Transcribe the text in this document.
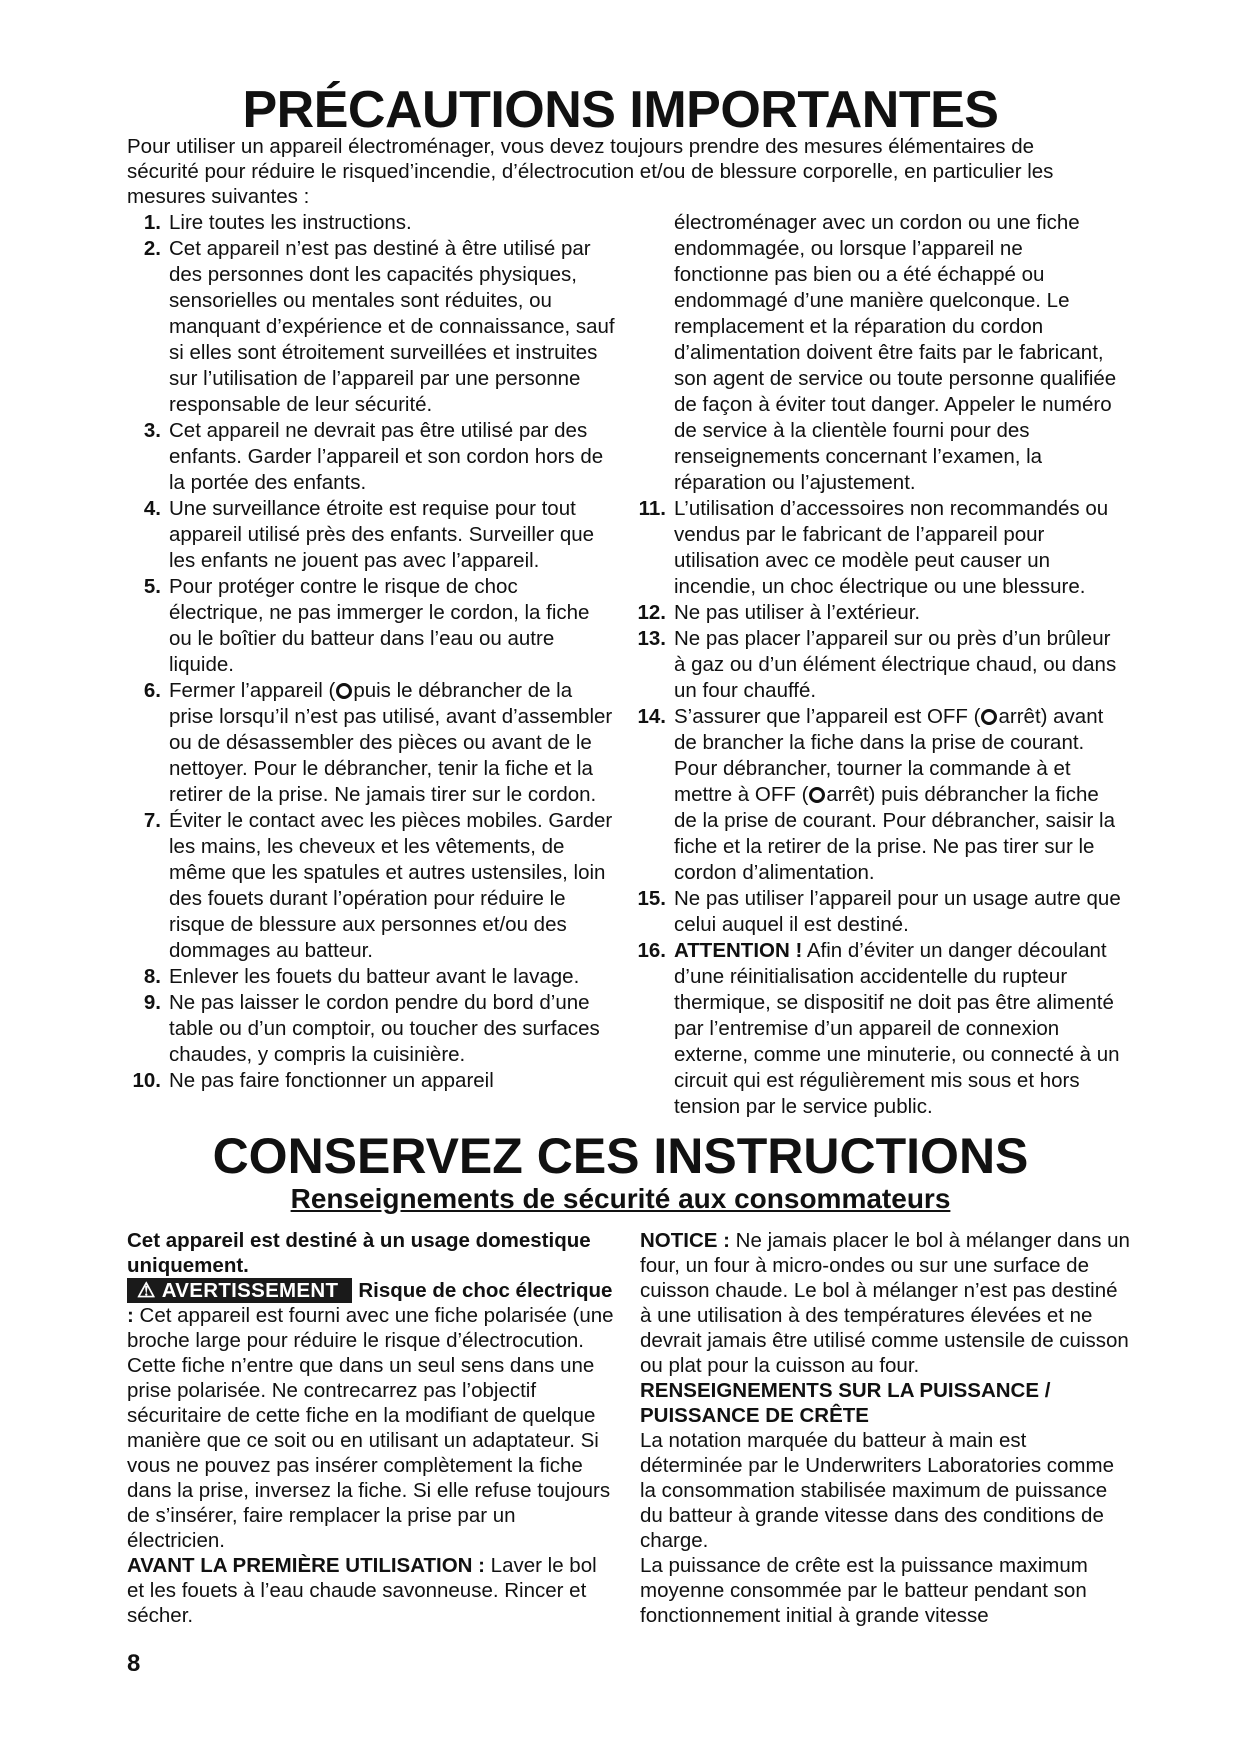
PRÉCAUTIONS IMPORTANTES
Pour utiliser un appareil électroménager, vous devez toujours prendre des mesures élémentaires de sécurité pour réduire le risqued’incendie, d’électrocution et/ou de blessure corporelle, en particulier les mesures suivantes :
1. Lire toutes les instructions.
2. Cet appareil n’est pas destiné à être utilisé par des personnes dont les capacités physiques, sensorielles ou mentales sont réduites, ou manquant d’expérience et de connaissance, sauf si elles sont étroitement surveillées et instruites sur l’utilisation de l’appareil par une personne responsable de leur sécurité.
3. Cet appareil ne devrait pas être utilisé par des enfants. Garder l’appareil et son cordon hors de la portée des enfants.
4. Une surveillance étroite est requise pour tout appareil utilisé près des enfants. Surveiller que les enfants ne jouent pas avec l’appareil.
5. Pour protéger contre le risque de choc électrique, ne pas immerger le cordon, la fiche ou le boîtier du batteur dans l’eau ou autre liquide.
6. Fermer l’appareil ( puis le débrancher de la prise lorsqu’il n’est pas utilisé, avant d’assembler ou de désassembler des pièces ou avant de le nettoyer. Pour le débrancher, tenir la fiche et la retirer de la prise. Ne jamais tirer sur le cordon.
7. Éviter le contact avec les pièces mobiles. Garder les mains, les cheveux et les vêtements, de même que les spatules et autres ustensiles, loin des fouets durant l’opération pour réduire le risque de blessure aux personnes et/ou des dommages au batteur.
8. Enlever les fouets du batteur avant le lavage.
9. Ne pas laisser le cordon pendre du bord d’une table ou d’un comptoir, ou toucher des surfaces chaudes, y compris la cuisinière.
10. Ne pas faire fonctionner un appareil
électroménager avec un cordon ou une fiche endommagée, ou lorsque l’appareil ne fonctionne pas bien ou a été échappé ou endommagé d’une manière quelconque. Le remplacement et la réparation du cordon d’alimentation doivent être faits par le fabricant, son agent de service ou toute personne qualifiée de façon à éviter tout danger. Appeler le numéro de service à la clientèle fourni pour des renseignements concernant l’examen, la réparation ou l’ajustement.
11. L’utilisation d’accessoires non recommandés ou vendus par le fabricant de l’appareil pour utilisation avec ce modèle peut causer un incendie, un choc électrique ou une blessure.
12. Ne pas utiliser à l’extérieur.
13. Ne pas placer l’appareil sur ou près d’un brûleur à gaz ou d’un élément électrique chaud, ou dans un four chauffé.
14. S’assurer que l’appareil est OFF ( arrêt) avant de brancher la fiche dans la prise de courant. Pour débrancher, tourner la commande à et mettre à OFF ( arrêt) puis débrancher la fiche de la prise de courant. Pour débrancher, saisir la fiche et la retirer de la prise. Ne pas tirer sur le cordon d’alimentation.
15. Ne pas utiliser l’appareil pour un usage autre que celui auquel il est destiné.
16. ATTENTION ! Afin d’éviter un danger découlant d’une réinitialisation accidentelle du rupteur thermique, se dispositif ne doit pas être alimenté par l’entremise d’un appareil de connexion externe, comme une minuterie, ou connecté à un circuit qui est régulièrement mis sous et hors tension par le service public.
CONSERVEZ CES INSTRUCTIONS
Renseignements de sécurité aux consommateurs

Cet appareil est destiné à un usage domestique uniquement.

⚠ AVERTISSEMENT Risque de choc électrique : Cet appareil est fourni avec une fiche polarisée (une broche large pour réduire le risque d’électrocution. Cette fiche n’entre que dans un seul sens dans une prise polarisée. Ne contrecarrez pas l’objectif sécuritaire de cette fiche en la modifiant de quelque manière que ce soit ou en utilisant un adaptateur. Si vous ne pouvez pas insérer complètement la fiche dans la prise, inversez la fiche. Si elle refuse toujours de s’insérer, faire remplacer la prise par un électricien.

AVANT LA PREMIÈRE UTILISATION : Laver le bol et les fouets à l’eau chaude savonneuse. Rincer et sécher.

NOTICE : Ne jamais placer le bol à mélanger dans un four, un four à micro-ondes ou sur une surface de cuisson chaude. Le bol à mélanger n’est pas destiné à une utilisation à des températures élevées et ne devrait jamais être utilisé comme ustensile de cuisson ou plat pour la cuisson au four.

RENSEIGNEMENTS SUR LA PUISSANCE / PUISSANCE DE CRÊTE

La notation marquée du batteur à main est déterminée par le Underwriters Laboratories comme la consommation stabilisée maximum de puissance du batteur à grande vitesse dans des conditions de charge.

La puissance de crête est la puissance maximum moyenne consommée par le batteur pendant son fonctionnement initial à grande vitesse

8
